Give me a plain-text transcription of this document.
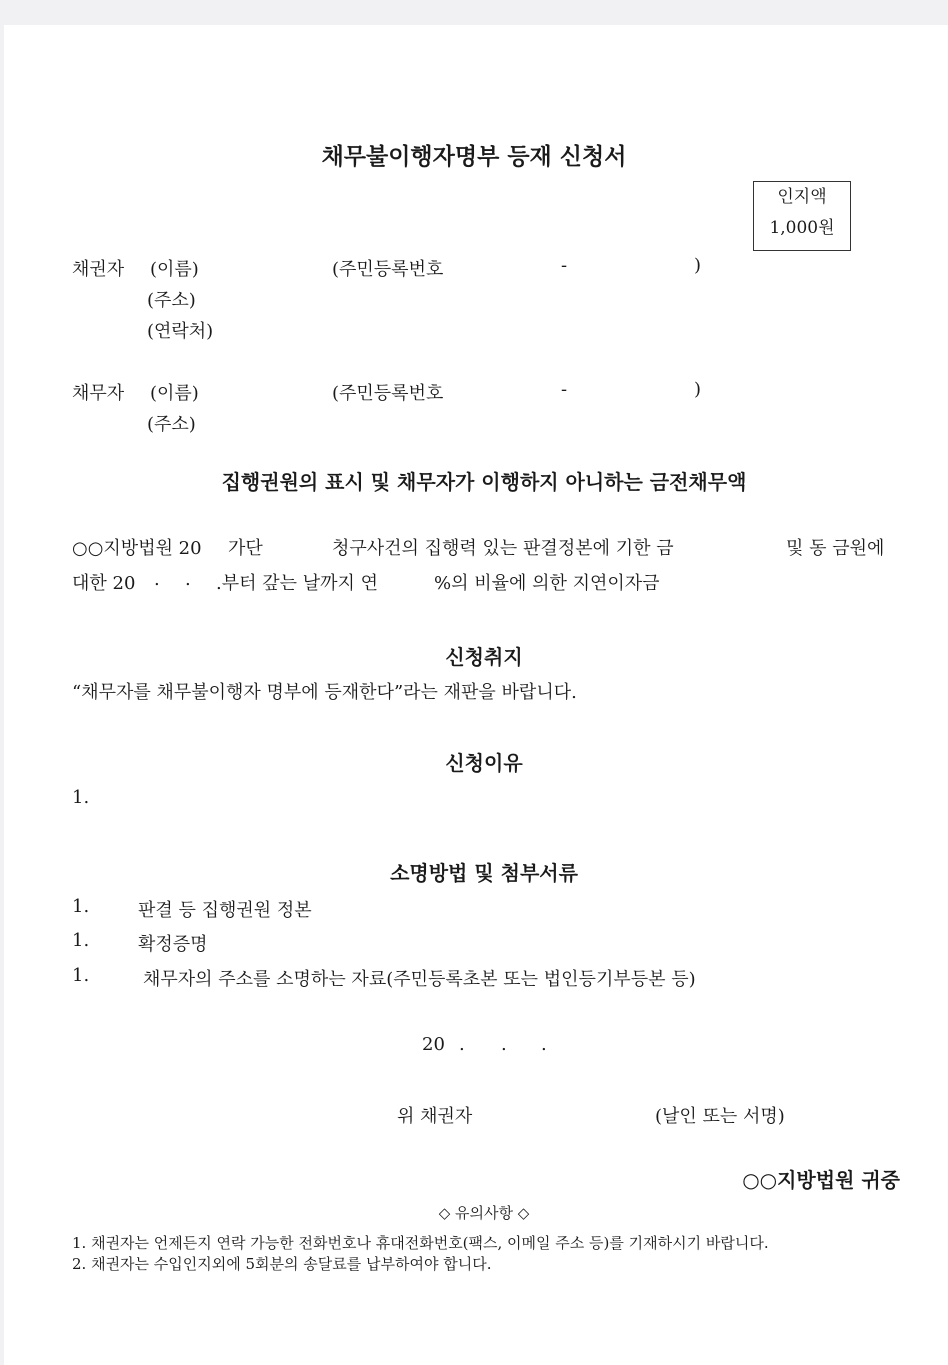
채무불이행자명부 등재 신청서
인지액
1,000원
채권자 (이름)	(주민등록번호	-	)
(주소)
(연락처)
채무자 (이름)	(주민등록번호	-	)
(주소)
집행권원의 표시 및 채무자가 이행하지 아니하는 금전채무액
○○지방법원 20 가단	청구사건의 집행력 있는 판결정본에 기한 금	및 동 금원에
대한 20 . . .부터 갚는 날까지 연	%의 비율에 의한 지연이자금
신청취지
“채무자를 채무불이행자 명부에 등재한다”라는 재판을 바랍니다.
신청이유
1.
소명방법 및 첨부서류
1.	판결 등 집행권원 정본
1.	확정증명
1.	채무자의 주소를 소명하는 자료(주민등록초본 또는 법인등기부등본 등)
20 . . .
위 채권자	(날인 또는 서명)
○○지방법원 귀중
◇ 유의사항 ◇
1. 채권자는 언제든지 연락 가능한 전화번호나 휴대전화번호(팩스, 이메일 주소 등)를 기재하시기 바랍니다.
2. 채권자는 수입인지외에 5회분의 송달료를 납부하여야 합니다.
